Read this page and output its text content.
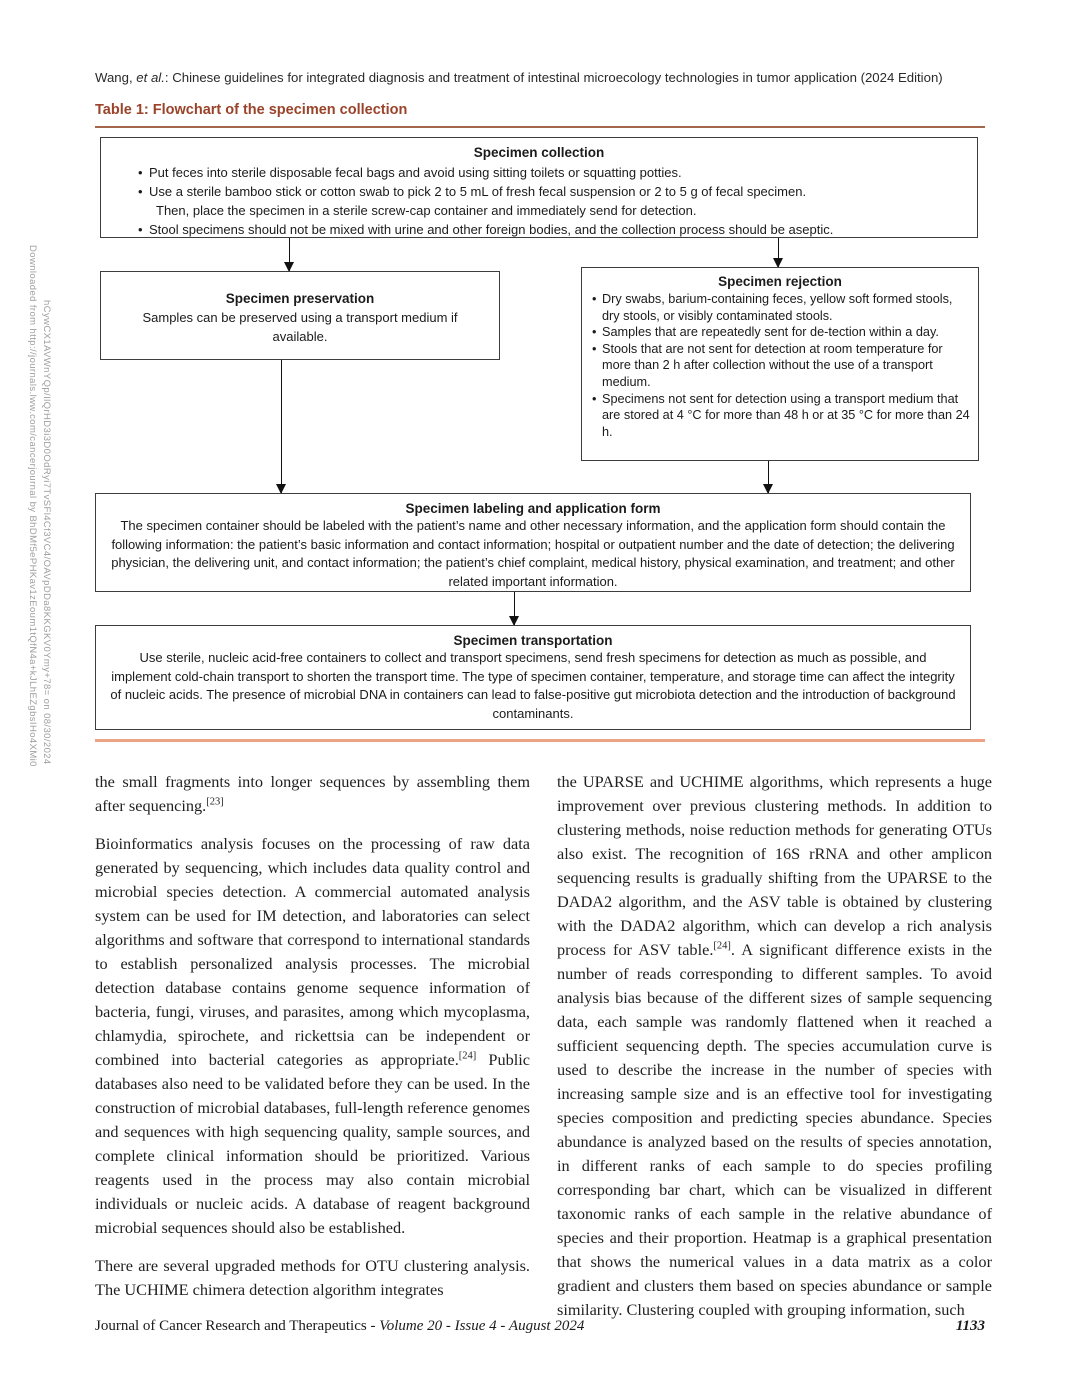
Downloaded from http://journals.lww.com/cancerjournal by BhDMf5ePHKav1zEoum1tQfN4a+kJLhEZgbsIHo4XMi0 hCywCX1AVWnYQp/IlQrHD3i3D0OdRyi7TvSFl4Cf3VC4/OAVpDDa8KKGKV0Ymy+78= on 08/30/2024
Wang, et al.: Chinese guidelines for integrated diagnosis and treatment of intestinal microecology technologies in tumor application (2024 Edition)
Table 1: Flowchart of the specimen collection
Specimen collection
• Put feces into sterile disposable fecal bags and avoid using sitting toilets or squatting potties.
• Use a sterile bamboo stick or cotton swab to pick 2 to 5 mL of fresh fecal suspension or 2 to 5 g of fecal specimen.
Then, place the specimen in a sterile screw-cap container and immediately send for detection.
• Stool specimens should not be mixed with urine and other foreign bodies, and the collection process should be aseptic.
Specimen preservation
Samples can be preserved using a transport medium if available.
Specimen rejection
• Dry swabs, barium-containing feces, yellow soft formed stools, dry stools, or visibly contaminated stools.
• Samples that are repeatedly sent for de-tection within a day.
• Stools that are not sent for detection at room temperature for more than 2 h after collection without the use of a transport medium.
• Specimens not sent for detection using a transport medium that are stored at 4 °C for more than 48 h or at 35 °C for more than 24 h.
Specimen labeling and application form
The specimen container should be labeled with the patient’s name and other necessary information, and the application form should contain the following information: the patient’s basic information and contact information; hospital or outpatient number and the date of detection; the delivering physician, the delivering unit, and contact information; the patient’s chief complaint, medical history, physical examination, and treatment; and other related important information.
Specimen transportation
Use sterile, nucleic acid-free containers to collect and transport specimens, send fresh specimens for detection as much as possible, and implement cold-chain transport to shorten the transport time. The type of specimen container, temperature, and storage time can affect the integrity of nucleic acids. The presence of microbial DNA in containers can lead to false-positive gut microbiota detection and the introduction of background contaminants.

the small fragments into longer sequences by assembling them after sequencing.[23]

Bioinformatics analysis focuses on the processing of raw data generated by sequencing, which includes data quality control and microbial species detection. A commercial automated analysis system can be used for IM detection, and laboratories can select algorithms and software that correspond to international standards to establish personalized analysis processes. The microbial detection database contains genome sequence information of bacteria, fungi, viruses, and parasites, among which mycoplasma, chlamydia, spirochete, and rickettsia can be independent or combined into bacterial categories as appropriate.[24] Public databases also need to be validated before they can be used. In the construction of microbial databases, full-length reference genomes and sequences with high sequencing quality, sample sources, and complete clinical information should be prioritized. Various reagents used in the process may also contain microbial individuals or nucleic acids. A database of reagent background microbial sequences should also be established.

There are several upgraded methods for OTU clustering analysis. The UCHIME chimera detection algorithm integrates

the UPARSE and UCHIME algorithms, which represents a huge improvement over previous clustering methods. In addition to clustering methods, noise reduction methods for generating OTUs also exist. The recognition of 16S rRNA and other amplicon sequencing results is gradually shifting from the UPARSE to the DADA2 algorithm, and the ASV table is obtained by clustering with the DADA2 algorithm, which can develop a rich analysis process for ASV table.[24]. A significant difference exists in the number of reads corresponding to different samples. To avoid analysis bias because of the different sizes of sample sequencing data, each sample was randomly flattened when it reached a sufficient sequencing depth. The species accumulation curve is used to describe the increase in the number of species with increasing sample size and is an effective tool for investigating species composition and predicting species abundance. Species abundance is analyzed based on the results of species annotation, in different ranks of each sample to do species profiling corresponding bar chart, which can be visualized in different taxonomic ranks of each sample in the relative abundance of species and their proportion. Heatmap is a graphical presentation that shows the numerical values in a data matrix as a color gradient and clusters them based on species abundance or sample similarity. Clustering coupled with grouping information, such

Journal of Cancer Research and Therapeutics - Volume 20 - Issue 4 - August 2024	1133
